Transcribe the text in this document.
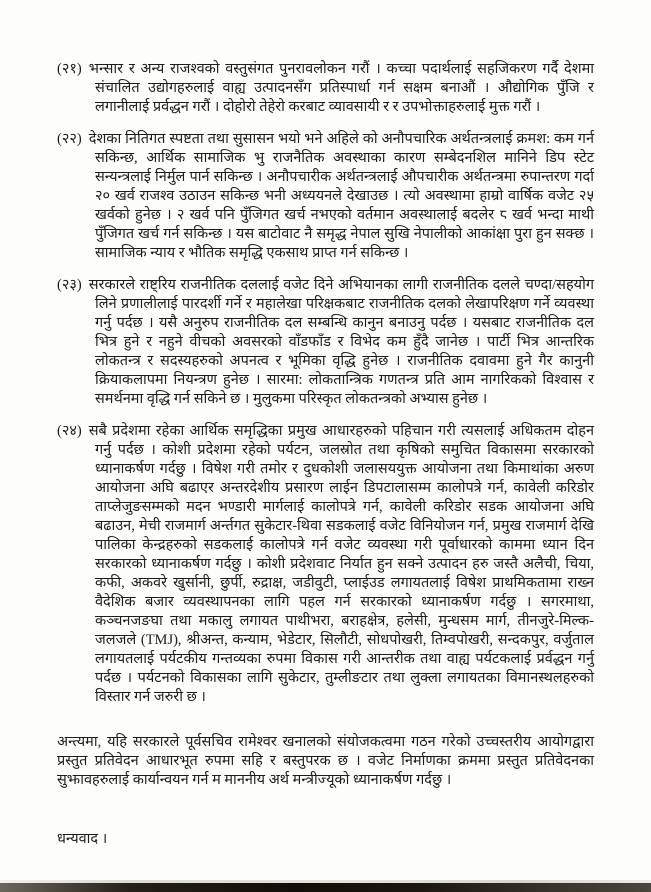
(२१) भन्सार र अन्य राजश्वको वस्तुसंगत पुनरावलोकन गरौं । कच्चा पदार्थलाई सहजिकरण गर्दै देशमा संचालित उद्योगहरुलाई वाह्य उत्पादनसँग प्रतिस्पार्धा गर्न सक्षम बनाऔं । औद्योगिक पुँजि र लगानीलाई प्रर्वद्धन गरौं । दोहोरो तेहेरो करबाट व्यावसायी र र उपभोक्ताहरुलाई मुक्त गरौं ।

(२२) देशका नितिगत स्पष्टता तथा सुसासन भयो भने अहिले को अनौपचारिक अर्थतन्त्रलाई क्रमश: कम गर्न सकिन्छ, आर्थिक सामाजिक भु राजनैतिक अवस्थाका कारण सम्बेदनशिल मानिने डिप स्टेट सन्यन्त्रलाई निर्मुल पार्न सकिन्छ । अनौपचारीक अर्थतन्त्रलाई औपचारीक अर्थतन्त्रमा रुपान्तरण गर्दा २० खर्व राजश्व उठाउन सकिन्छ भनी अध्ययनले देखाउछ । त्यो अवस्थामा हाम्रो वार्षिक वजेट २५ खर्वको हुनेछ । २ खर्व पनि पुँजिगत खर्च नभएको वर्तमान अवस्थालाई बदलेर ८ खर्व भन्दा माथी पुँजिगत खर्च गर्न सकिन्छ । यस बाटोवाट नै समृद्ध नेपाल सुखि नेपालीको आकांक्षा पुरा हुन सक्छ । सामाजिक न्याय र भौतिक समृद्धि एकसाथ प्राप्त गर्न सकिन्छ ।

(२३) सरकारले राष्ट्रिय राजनीतिक दललाई वजेट दिने अभियानका लागी राजनीतिक दलले चण्दा/सहयोग लिने प्रणालीलाई पारदर्शी गर्ने र महालेखा परिक्षकबाट राजनीतिक दलको लेखापरिक्षण गर्ने व्यवस्था गर्नु पर्दछ । यसै अनुरुप राजनीतिक दल सम्बन्धि कानुन बनाउनु पर्दछ । यसबाट राजनीतिक दल भित्र हुने र नहुने वीचको अवसरको वाँडफाँड र विभेद कम हुँदै जानेछ । पार्टी भित्र आन्तरिक लोकतन्त्र र सदस्यहरुको अपनत्व र भूमिका वृद्धि हुनेछ । राजनीतिक दवावमा हुने गैर कानुनी क्रियाकलापमा नियन्त्रण हुनेछ । सारमा: लोकतान्त्रिक गणतन्त्र प्रति आम नागरिकको विश्वास र समर्थनमा वृद्धि गर्न सकिने छ । मुलुकमा परिस्कृत लोकतन्त्रको अभ्यास हुनेछ ।

(२४) सबै प्रदेशमा रहेका आर्थिक समृद्धिका प्रमुख आधारहरुको पहिचान गरी त्यसलाई अधिकतम दोहन गर्नु पर्दछ । कोशी प्रदेशमा रहेको पर्यटन, जलस्रोत तथा कृषिको समुचित विकासमा सरकारको ध्यानाकर्षण गर्दछु । विषेश गरी तमोर र दुधकोशी जलासययुक्त आयोजना तथा किमाथांका अरुण आयोजना अघि बढाएर अन्तरदेशीय प्रसारण लाईन डिपटालासम्म कालोपत्रे गर्न, कावेली करिडोर ताप्लेजुङसम्मको मदन भण्डारी मार्गलाई कालोपत्रे गर्न, कावेली करिडोर सडक आयोजना अघि बढाउन, मेची राजमार्ग अर्न्तगत सुकेटार-थिवा सडकलाई वजेट विनियोजन गर्न, प्रमुख राजमार्ग देखि पालिका केन्द्रहरुको सडकलाई कालोपत्रे गर्न वजेट व्यवस्था गरी पूर्वाधारको काममा ध्यान दिन सरकारको ध्यानाकर्षण गर्दछु । कोशी प्रदेशवाट निर्यात हुन सक्ने उत्पादन हरु जस्तै अलैची, चिया, कफी, अकवरे खुर्सानी, छुर्पी, रुद्राक्ष, जडीवुटी, प्लाईउड लगायतलाई विषेश प्राथमिकतामा राख्न वैदेशिक बजार व्यवस्थापनका लागि पहल गर्न सरकारको ध्यानाकर्षण गर्दछु । सगरमाथा, कञ्चनजङघा तथा मकालु लगायत पाथीभरा, बराहक्षेत्र, हलेसी, मुन्धसम मार्ग, तीनजुरे-मिल्क-जलजले (TMJ), श्रीअन्त, कन्याम, भेडेटार, सिलौटी, सोधपोखरी, तिम्वपोखरी, सन्दकपुर, वर्जुताल लगायतलाई पर्यटकीय गन्तव्यका रुपमा विकास गरी आन्तरीक तथा वाह्य पर्यटकलाई प्रर्वद्धन गर्नु पर्दछ । पर्यटनको विकासका लागि सुकेटार, तुम्लीङटार तथा लुक्ला लगायतका विमानस्थलहरुको विस्तार गर्न जरुरी छ ।

अन्त्यमा, यहि सरकारले पूर्वसचिव रामेश्वर खनालको संयोजकत्वमा गठन गरेको उच्चस्तरीय आयोगद्वारा प्रस्तुत प्रतिवेदन आधारभूत रुपमा सहि र बस्तुपरक छ । वजेट निर्माणका क्रममा प्रस्तुत प्रतिवेदनका सुझावहरुलाई कार्यान्वयन गर्न म माननीय अर्थ मन्त्रीज्यूको ध्यानाकर्षण गर्दछु ।

धन्यवाद ।
